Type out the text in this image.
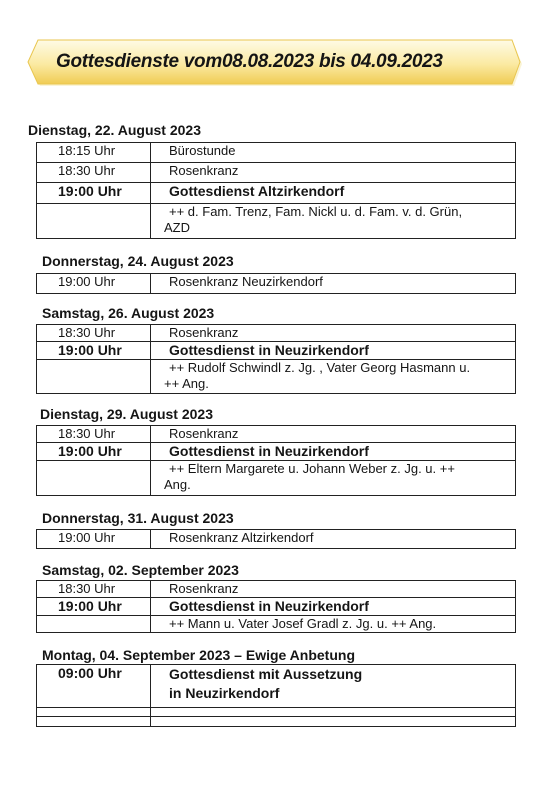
Gottesdienste vom 08.08.2023 bis 04.09.2023
Dienstag, 22. August 2023
18:15 Uhr	Bürostunde
18:30 Uhr	Rosenkranz
19:00 Uhr	Gottesdienst Altzirkendorf

	++ d. Fam. Trenz, Fam. Nickl u. d. Fam. v. d. Grün,
AZD
Donnerstag, 24. August 2023
19:00 Uhr	Rosenkranz Neuzirkendorf
Samstag, 26. August 2023
18:30 Uhr	Rosenkranz
19:00 Uhr	Gottesdienst in Neuzirkendorf

	++ Rudolf Schwindl z. Jg. , Vater Georg Hasmann u.
++ Ang.
Dienstag, 29. August 2023
18:30 Uhr	Rosenkranz
19:00 Uhr	Gottesdienst in Neuzirkendorf

	++ Eltern Margarete u. Johann Weber z. Jg. u. ++
Ang.
Donnerstag, 31. August 2023
19:00 Uhr	Rosenkranz Altzirkendorf
Samstag, 02. September 2023
18:30 Uhr	Rosenkranz
19:00 Uhr	Gottesdienst in Neuzirkendorf

	++ Mann u. Vater Josef Gradl z. Jg. u. ++ Ang.
Montag, 04. September 2023 – Ewige Anbetung
09:00 Uhr	Gottesdienst mit Aussetzung
in Neuzirkendorf
